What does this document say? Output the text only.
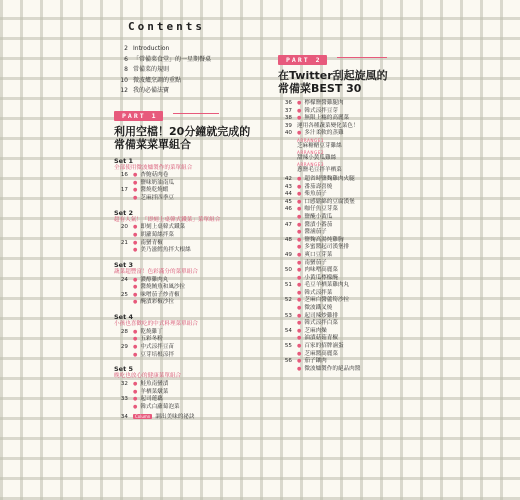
Contents
2 Introduction
6 「常備菜食堂」的一星期餐桌
8 常備菜的規則
10 微波爐烹調的重點
12 我的必備法寶
PART 1
利用空檔！20分鐘就完成的
常備菜菜單組合
Set 1
全部使用微波爐製作的菜單組合
16 ● 杏鮑菇肉卷
● 鹽味奶油南瓜
17 ● 醬燒乾燒蝦
● 芝麻拌四季豆
Set 2
超有人氣！「即刻上桌韓式鐵菜」菜單組合
20 ● 即刻上桌韓式鐵菜
● 胡蘿蔔絲拌菜
21 ● 南蠻青椒
● 美乃滋鱈魚拌大根絲
Set 3
蔬菜超豐富！色彩滿分的菜單組合
24 ● 濃醇雞肉丸
● 醬燒鮪魚和風沙拉
25 ● 味噌茄子炒青椒
● 醃漬彩椒沙拉
Set 4
小孩也喜歡吃的中式料理菜單組合
28 ● 乾燒雞丁
● 五彩冬粉
29 ● 中式涼拌豆苗
● 豆芽培根涼拌
Set 5
晚吃也放心的健康菜單組合
32 ● 鮭魚南蠻漬
● 羊栖菜燉菜
33 ● 起司蓮藕
● 韓式白蘿蔔泡菜
34	Column 調出美味的祕訣
PART 2
在Twitter刮起旋風的
常備菜BEST 30
36 ● 檸檬鹽醬雞腿肉
37 ● 韓式涼拌豆芽
38 ● 無限上癮的高麗菜
39 運用各種蔬菜變化菜色！
40 ● 多汁柔軟的蒸雞
ARRANGE1
芝麻糖醋豆芽雞絲
ARRANGE2
甜辣小黃瓜雞絲
ARRANGE3
蔥鹽毛豆拌羊栖菜
42 ● 超省時鹽麴雞肉火腿
43 ● 番茄壽喜燒
44 ● 柴魚茄子
45 ● 口感鬆綿的豆腐漢堡
46 ● 咖仔魚豆芽菜
● 鹽醃小黃瓜
47 ● 醬漬小番茄
● 醬滷茄子
48 ● 鹽麴高湯炖雞胸
● 多蜜醬起司漢堡排
49 ● 爽口豆芽菜
● 南蠻茄子
50 ● 肉味噌高麗菜
● 小黃瓜檸檬醃
51 ● 毛豆羊栖菜雞肉丸
● 韓式涼拌菜
52 ● 芝麻白醬蘆筍沙拉
● 微波鐵叉燒
53 ● 起司辣炒雞排
● 韓式涼拌白菜
54 ● 芝麻肉燥
● 油漬菇菇青椒
55 ● 百家的招牌滷蛋
● 芝麻醬高麗菜
56 ● 茄子鑲肉
● 微波爐製作的絕品肉醬
